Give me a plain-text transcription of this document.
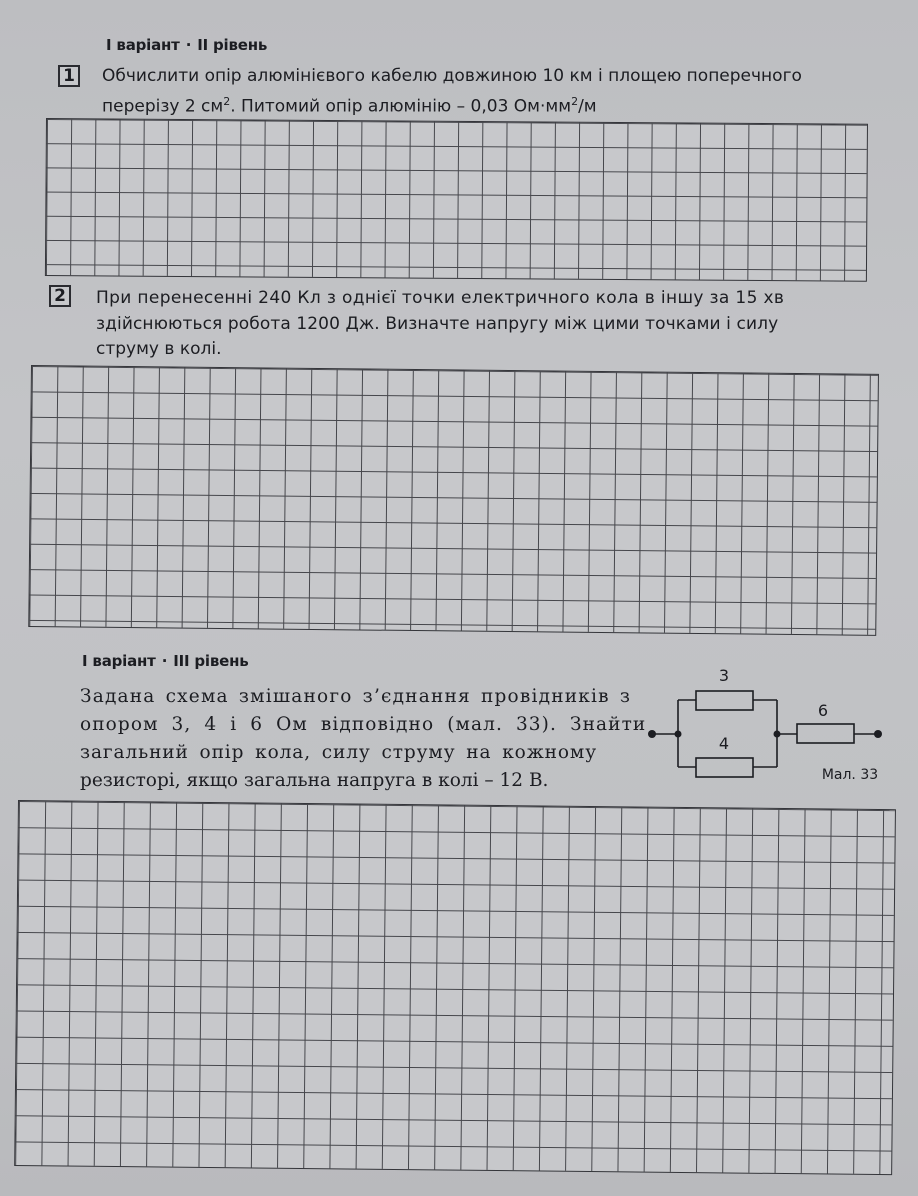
I варіант · II рівень
1 Обчислити опір алюмінієвого кабелю довжиною 10 км і площею поперечного

перерізу 2 $см^2$. Питомий опір алюмінію – 0,03 $Ом\cdot мм^2/м$

2 При перенесенні 240 Кл з однієї точки електричного кола в іншу за 15 хв

здійснюються робота 1200 Дж. Визначте напругу між цими точками і силу

струму в колі.

I варіант · III рівень

Задана схема змішаного з’єднання провідників з

опором 3, 4 і 6 Ом відповідно (мал. 33). Знайти

загальний опір кола, силу струму на кожному

резисторі, якщо загальна напруга в колі – 12 В.

3
4
6
Мал. 33
